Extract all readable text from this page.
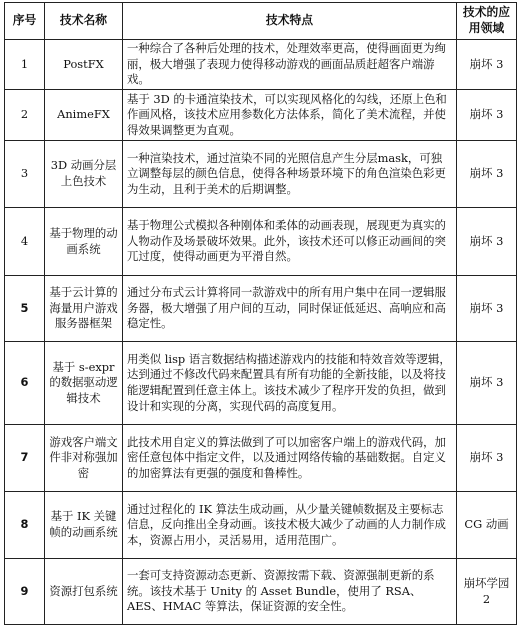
序号	技术名称	技术特点	技术的应用领域
1	PostFX	一种综合了各种后处理的技术，处理效率更高，使得画面更为绚丽，极大增强了表现力使得移动游戏的画面品质赶超客户端游戏。	崩坏 3
2	AnimeFX	基于 3D 的卡通渲染技术，可以实现风格化的勾线，还原上色和作画风格，该技术应用参数化方法体系，简化了美术流程，并使得效果调整更为直观。	崩坏 3
3	3D 动画分层上色技术	一种渲染技术，通过渲染不同的光照信息产生分层mask，可独立调整每层的颜色信息，使得各种场景环境下的角色渲染色彩更为生动，且利于美术的后期调整。	崩坏 3
4	基于物理的动画系统	基于物理公式模拟各种刚体和柔体的动画表现，展现更为真实的人物动作及场景破坏效果。此外，该技术还可以修正动画间的突兀过度，使得动画更为平滑自然。	崩坏 3
5	基于云计算的海量用户游戏服务器框架	通过分布式云计算将同一款游戏中的所有用户集中在同一逻辑服务器，极大增强了用户间的互动，同时保证低延迟、高响应和高稳定性。	崩坏 3
6	基于 s-expr 的数据驱动逻辑技术	用类似 lisp 语言数据结构描述游戏内的技能和特效音效等逻辑，达到通过不修改代码来配置具有所有功能的全新技能，以及将技能逻辑配置到任意主体上。该技术减少了程序开发的负担，做到设计和实现的分离，实现代码的高度复用。	崩坏 3
7	游戏客户端文件非对称强加密	此技术用自定义的算法做到了可以加密客户端上的游戏代码，加密任意包体中指定文件，以及通过网络传输的基础数据。自定义的加密算法有更强的强度和鲁棒性。	崩坏 3
8	基于 IK 关键帧的动画系统	通过过程化的 IK 算法生成动画，从少量关键帧数据及主要标志信息，反向推出全身动画。该技术极大减少了动画的人力制作成本，资源占用小，灵活易用，适用范围广。	CG 动画
9	资源打包系统	一套可支持资源动态更新、资源按需下载、资源强制更新的系统。该技术基于 Unity 的 Asset Bundle，使用了 RSA、AES、HMAC 等算法，保证资源的安全性。	崩坏学园 2
